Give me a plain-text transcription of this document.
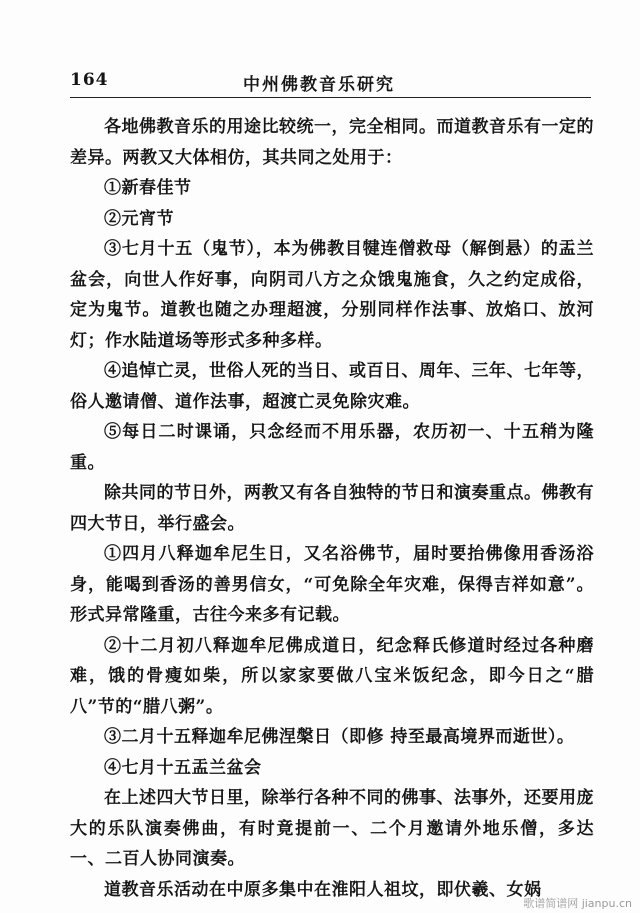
164	中州佛教音乐研究

各地佛教音乐的用途比较统一，完全相同。而道教音乐有一定的差异。两教又大体相仿，其共同之处用于：

①新春佳节

②元宵节

③七月十五（鬼节），本为佛教目犍连僧救母（解倒悬）的盂兰盆会，向世人作好事，向阴司八方之众饿鬼施食，久之约定成俗，定为鬼节。道教也随之办理超渡，分别同样作法事、放焰口、放河灯；作水陆道场等形式多种多样。

④追悼亡灵，世俗人死的当日、或百日、周年、三年、七年等，俗人邀请僧、道作法事，超渡亡灵免除灾难。

⑤每日二时课诵，只念经而不用乐器，农历初一、十五稍为隆重。

除共同的节日外，两教又有各自独特的节日和演奏重点。佛教有四大节日，举行盛会。

①四月八释迦牟尼生日，又名浴佛节，届时要抬佛像用香汤浴身，能喝到香汤的善男信女，“可免除全年灾难，保得吉祥如意”。形式异常隆重，古往今来多有记载。

②十二月初八释迦牟尼佛成道日，纪念释氏修道时经过各种磨难，饿的骨瘦如柴，所以家家要做八宝米饭纪念，即今日之“腊八”节的“腊八粥”。

③二月十五释迦牟尼佛涅槃日（即修 持至最高境界而逝世）。

④七月十五盂兰盆会

在上述四大节日里，除举行各种不同的佛事、法事外，还要用庞大的乐队演奏佛曲，有时竟提前一、二个月邀请外地乐僧，多达一、二百人协同演奏。

道教音乐活动在中原多集中在淮阳人祖坟，即伏羲、女娲

歌谱简谱网 jianpu.cn
